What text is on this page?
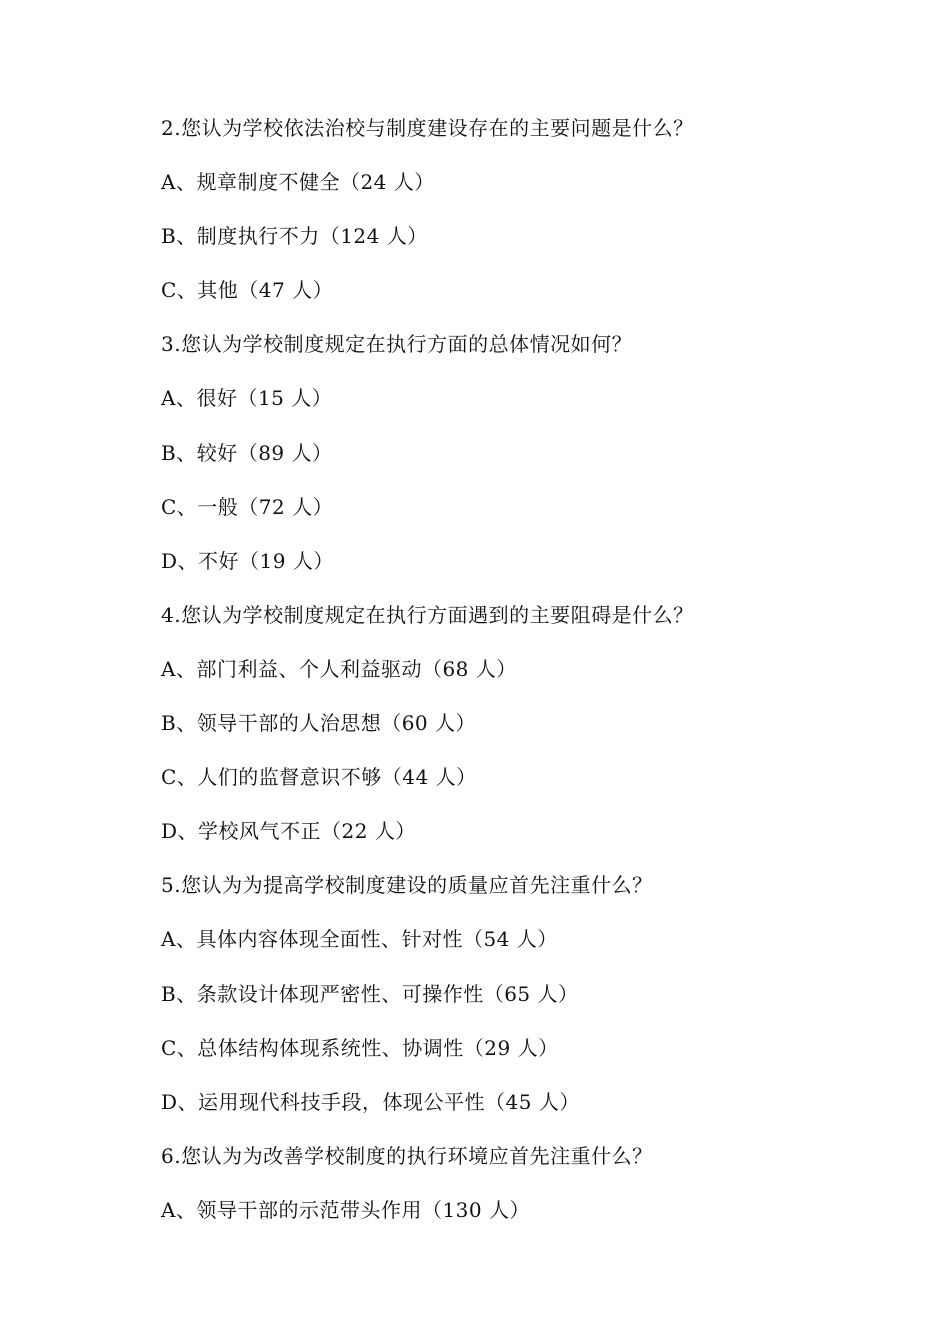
2.您认为学校依法治校与制度建设存在的主要问题是什么？
A、规章制度不健全（24 人）
B、制度执行不力（124 人）
C、其他（47 人）
3.您认为学校制度规定在执行方面的总体情况如何？
A、很好（15 人）
B、较好（89 人）
C、一般（72 人）
D、不好（19 人）
4.您认为学校制度规定在执行方面遇到的主要阻碍是什么？
A、部门利益、个人利益驱动（68 人）
B、领导干部的人治思想（60 人）
C、人们的监督意识不够（44 人）
D、学校风气不正（22 人）
5.您认为为提高学校制度建设的质量应首先注重什么？
A、具体内容体现全面性、针对性（54 人）
B、条款设计体现严密性、可操作性（65 人）
C、总体结构体现系统性、协调性（29 人）
D、运用现代科技手段，体现公平性（45 人）
6.您认为为改善学校制度的执行环境应首先注重什么？
A、领导干部的示范带头作用（130 人）
